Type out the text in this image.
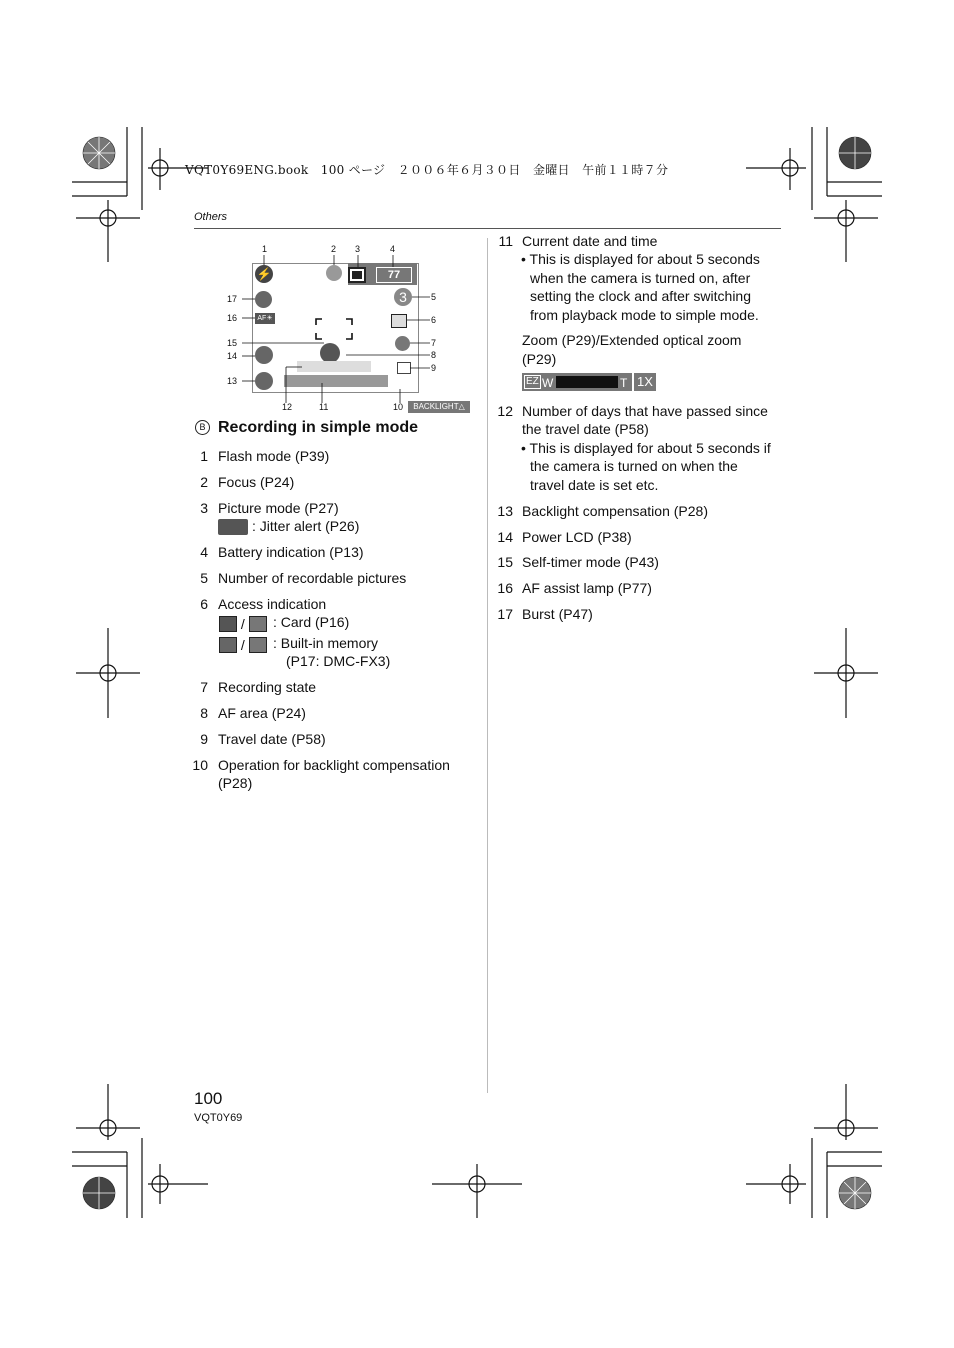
VQT0Y69ENG.book　100 ページ　２００６年６月３０日　金曜日　午前１１時７分
Others
⚡	77
3
AF☀
BACKLIGHT△
1	2 3	4
5
6
7
8
9
10
11
12
13
14
15
16
17
B Recording in simple mode
1 Flash mode (P39)
2 Focus (P24)
3 Picture mode (P27)
: Jitter alert (P26)
4 Battery indication (P13)
5 Number of recordable pictures
6 Access indication
/	: Card (P16)
/	: Built-in memory
(P17: DMC-FX3)
7 Recording state
8 AF area (P24)
9 Travel date (P58)
10 Operation for backlight compensation
(P28)
11 Current date and time
• This is displayed for about 5 seconds
when the camera is turned on, after
setting the clock and after switching
from playback mode to simple mode.
Zoom (P29)/Extended optical zoom
(P29)
EZ W	T 1X
12 Number of days that have passed since
the travel date (P58)
• This is displayed for about 5 seconds if
the camera is turned on when the
travel date is set etc.
13 Backlight compensation (P28)
14 Power LCD (P38)
15 Self-timer mode (P43)
16 AF assist lamp (P77)
17 Burst (P47)
100
VQT0Y69
